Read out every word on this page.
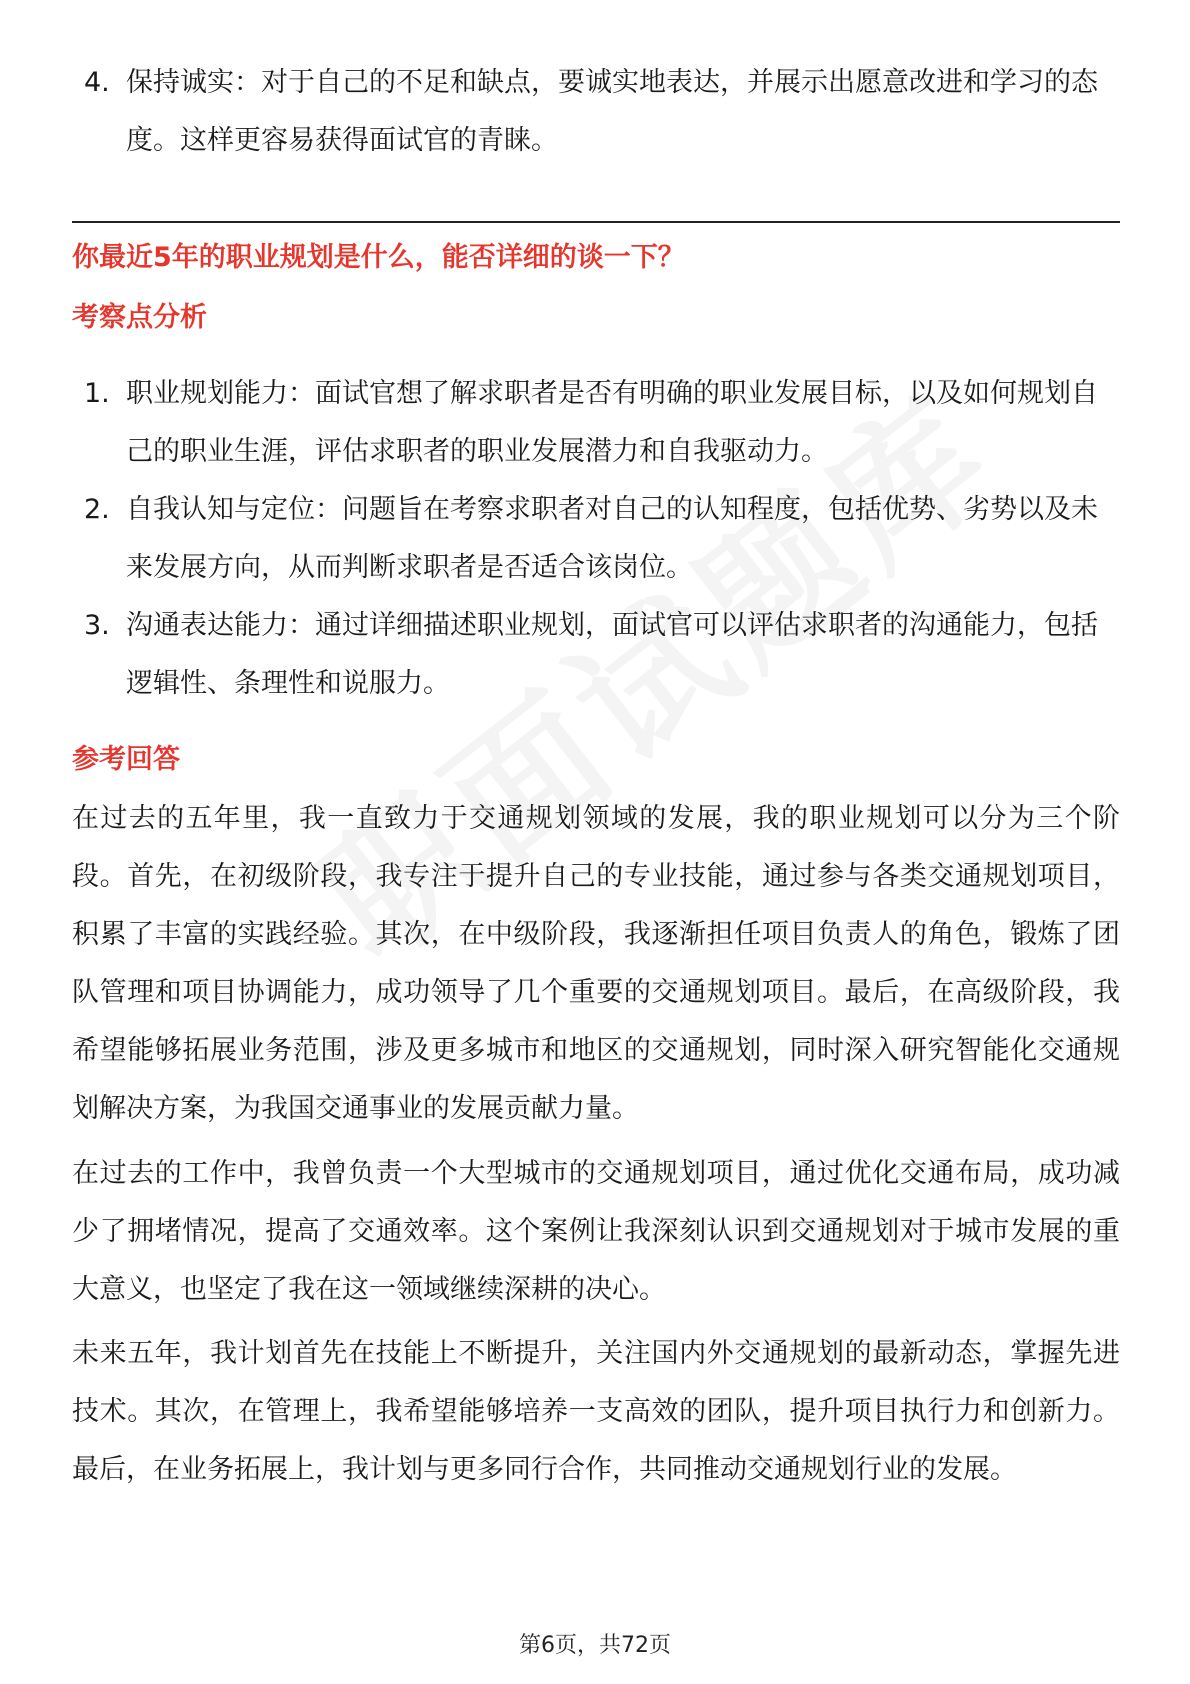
4. 保持诚实：对于自己的不足和缺点，要诚实地表达，并展示出愿意改进和学习的态度。这样更容易获得面试官的青睐。
你最近5年的职业规划是什么，能否详细的谈一下？
考察点分析
1. 职业规划能力：面试官想了解求职者是否有明确的职业发展目标，以及如何规划自己的职业生涯，评估求职者的职业发展潜力和自我驱动力。
2. 自我认知与定位：问题旨在考察求职者对自己的认知程度，包括优势、劣势以及未来发展方向，从而判断求职者是否适合该岗位。
3. 沟通表达能力：通过详细描述职业规划，面试官可以评估求职者的沟通能力，包括逻辑性、条理性和说服力。
参考回答

在过去的五年里，我一直致力于交通规划领域的发展，我的职业规划可以分为三个阶段。首先，在初级阶段，我专注于提升自己的专业技能，通过参与各类交通规划项目，积累了丰富的实践经验。其次，在中级阶段，我逐渐担任项目负责人的角色，锻炼了团队管理和项目协调能力，成功领导了几个重要的交通规划项目。最后，在高级阶段，我希望能够拓展业务范围，涉及更多城市和地区的交通规划，同时深入研究智能化交通规划解决方案，为我国交通事业的发展贡献力量。

在过去的工作中，我曾负责一个大型城市的交通规划项目，通过优化交通布局，成功减少了拥堵情况，提高了交通效率。这个案例让我深刻认识到交通规划对于城市发展的重大意义，也坚定了我在这一领域继续深耕的决心。

未来五年，我计划首先在技能上不断提升，关注国内外交通规划的最新动态，掌握先进技术。其次，在管理上，我希望能够培养一支高效的团队，提升项目执行力和创新力。最后，在业务拓展上，我计划与更多同行合作，共同推动交通规划行业的发展。

第6页，共72页
